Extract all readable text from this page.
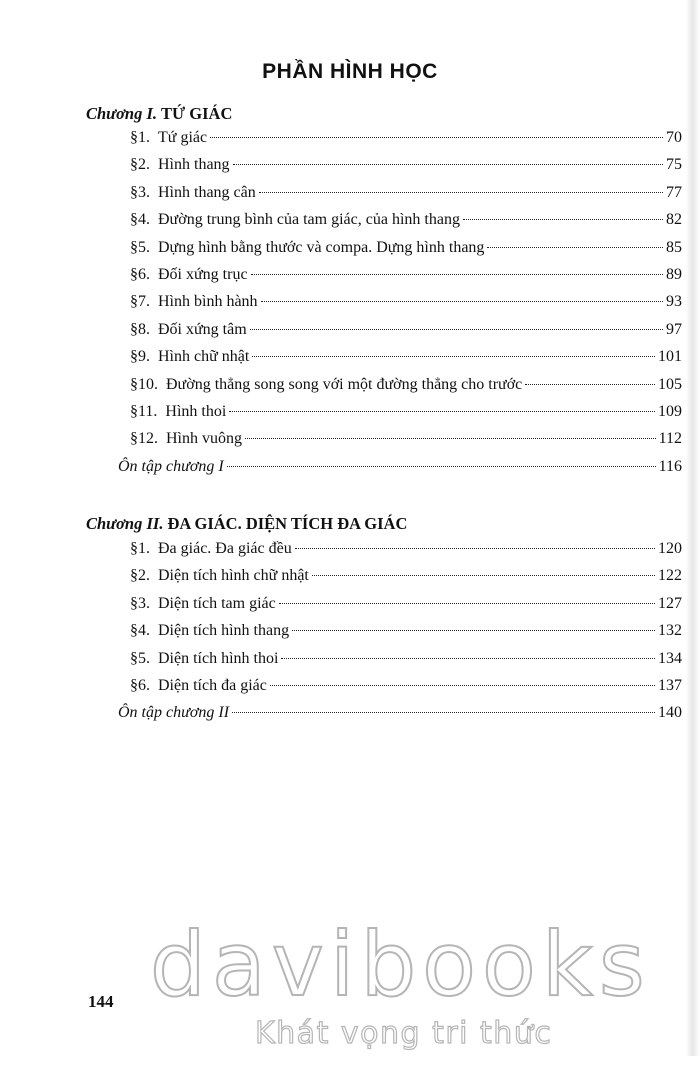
PHẦN HÌNH HỌC
Chương I. TỨ GIÁC
§1. Tứ giác	70
§2. Hình thang	75
§3. Hình thang cân	77
§4. Đường trung bình của tam giác, của hình thang	82
§5. Dựng hình bằng thước và compa. Dựng hình thang	85
§6. Đối xứng trục	89
§7. Hình bình hành	93
§8. Đối xứng tâm	97
§9. Hình chữ nhật	101
§10. Đường thẳng song song với một đường thẳng cho trước	105
§11. Hình thoi	109
§12. Hình vuông	112
Ôn tập chương I	116
Chương II. ĐA GIÁC. DIỆN TÍCH ĐA GIÁC
§1. Đa giác. Đa giác đều	120
§2. Diện tích hình chữ nhật	122
§3. Diện tích tam giác	127
§4. Diện tích hình thang	132
§5. Diện tích hình thoi	134
§6. Diện tích đa giác	137
Ôn tập chương II	140
144 davibooks
Khát vọng tri thức
